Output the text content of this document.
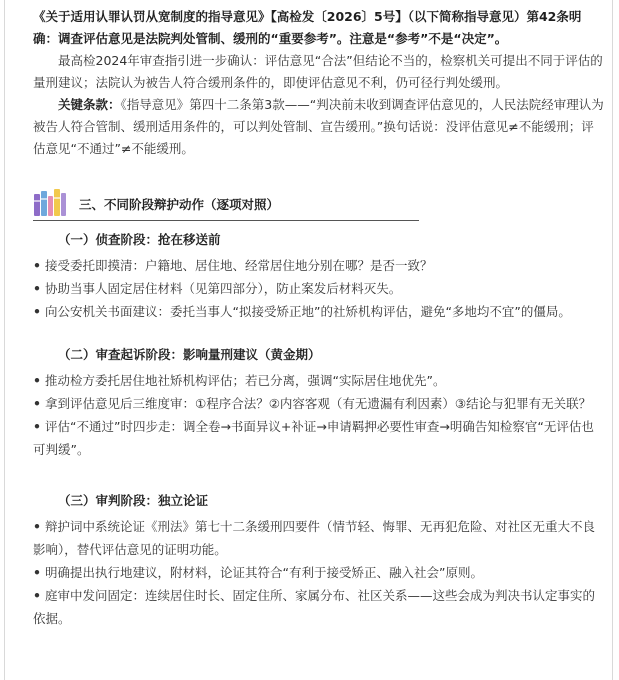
《关于适用认罪认罚从宽制度的指导意见》【高检发〔2026〕5号】（以下简称指导意见）第42条明确：调查评估意见是法院判处管制、缓刑的“重要参考”。注意是“参考”不是“决定”。

最高检2024年审查指引进一步确认：评估意见“合法”但结论不当的，检察机关可提出不同于评估的量刑建议；法院认为被告人符合缓刑条件的，即使评估意见不利，仍可径行判处缓刑。

关键条款：《指导意见》第四十二条第3款——“判决前未收到调查评估意见的，人民法院经审理认为被告人符合管制、缓刑适用条件的，可以判处管制、宣告缓刑。”换句话说：没评估意见≠不能缓刑；评估意见“不通过”≠不能缓刑。

三、不同阶段辩护动作（逐项对照）

（一）侦查阶段：抢在移送前

• 接受委托即摸清：户籍地、居住地、经常居住地分别在哪？是否一致？

• 协助当事人固定居住材料（见第四部分），防止案发后材料灭失。

• 向公安机关书面建议：委托当事人“拟接受矫正地”的社矫机构评估，避免“多地均不宜”的僵局。

（二）审查起诉阶段：影响量刑建议（黄金期）

• 推动检方委托居住地社矫机构评估；若已分离，强调“实际居住地优先”。

• 拿到评估意见后三维度审：①程序合法？②内容客观（有无遗漏有利因素）③结论与犯罪有无关联？

• 评估“不通过”时四步走：调全卷→书面异议+补证→申请羁押必要性审查→明确告知检察官“无评估也可判缓”。

（三）审判阶段：独立论证

• 辩护词中系统论证《刑法》第七十二条缓刑四要件（情节轻、悔罪、无再犯危险、对社区无重大不良影响），替代评估意见的证明功能。

• 明确提出执行地建议，附材料，论证其符合“有利于接受矫正、融入社会”原则。

• 庭审中发问固定：连续居住时长、固定住所、家属分布、社区关系——这些会成为判决书认定事实的依据。
